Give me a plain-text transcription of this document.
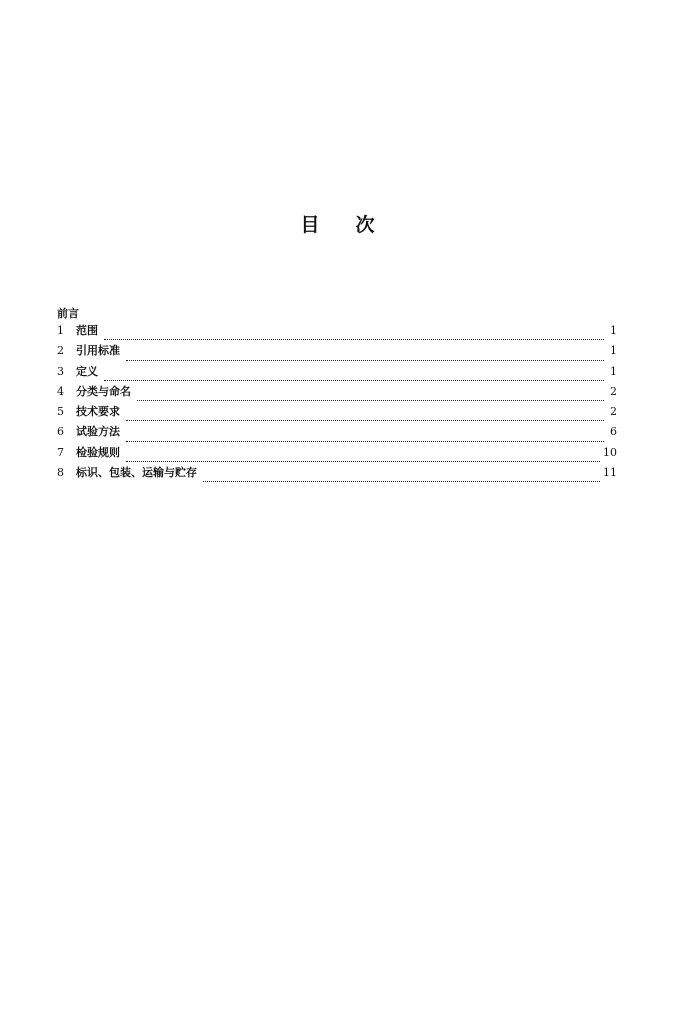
目 次
前言
1	范围	1
2	引用标准	1
3	定义	1
4	分类与命名	2
5	技术要求	2
6	试验方法	6
7	检验规则	10
8	标识、包装、运输与贮存	11
